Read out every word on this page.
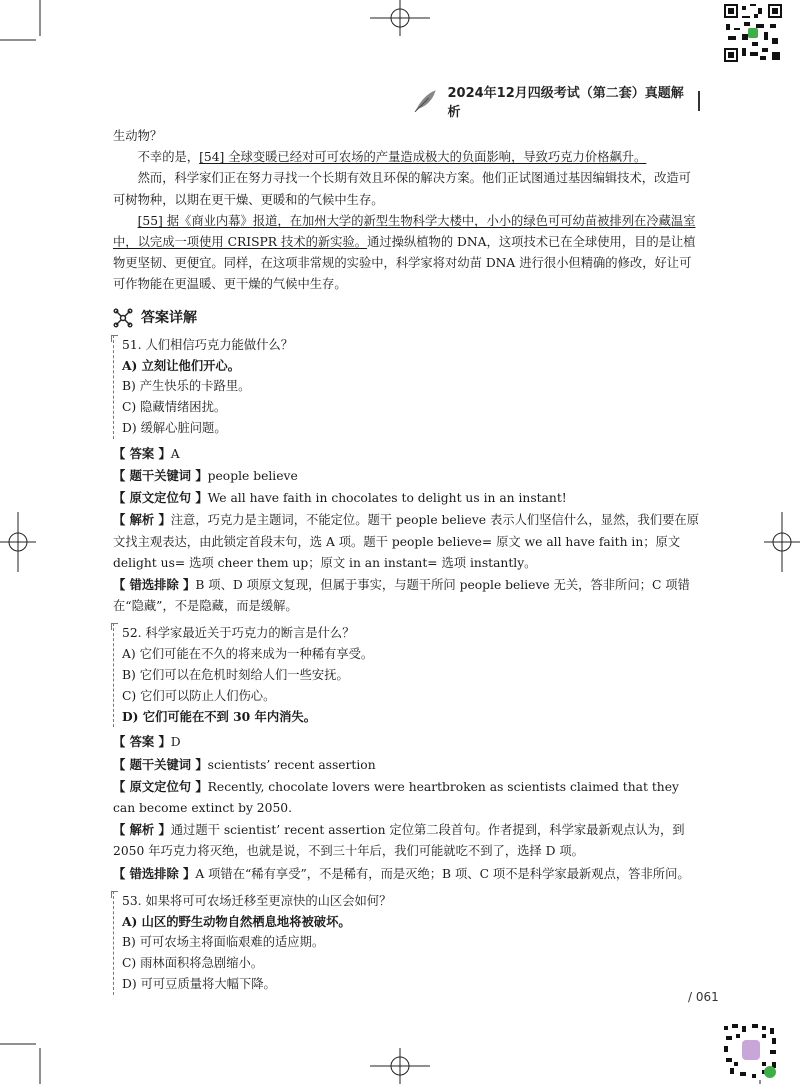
2024年12月四级考试（第二套）真题解析

生动物？

不幸的是，[54] 全球变暖已经对可可农场的产量造成极大的负面影响，导致巧克力价格飙升。

然而，科学家们正在努力寻找一个长期有效且环保的解决方案。他们正试图通过基因编辑技术，改造可可树物种，以期在更干燥、更暖和的气候中生存。

[55] 据《商业内幕》报道，在加州大学的新型生物科学大楼中，小小的绿色可可幼苗被排列在冷藏温室中，以完成一项使用 CRISPR 技术的新实验。通过操纵植物的 DNA，这项技术已在全球使用，目的是让植物更坚韧、更便宜。同样，在这项非常规的实验中，科学家将对幼苗 DNA 进行很小但精确的修改，好让可可作物能在更温暖、更干燥的气候中生存。

答案详解
51. 人们相信巧克力能做什么？
A) 立刻让他们开心。
B) 产生快乐的卡路里。
C) 隐藏情绪困扰。
D) 缓解心脏问题。

【 答案 】A

【 题干关键词 】people believe

【 原文定位句 】We all have faith in chocolates to delight us in an instant!

【 解析 】注意，巧克力是主题词，不能定位。题干 people believe 表示人们坚信什么，显然，我们要在原文找主观表达，由此锁定首段末句，选 A 项。题干 people believe= 原文 we all have faith in；原文 delight us= 选项 cheer them up；原文 in an instant= 选项 instantly。

【 错选排除 】B 项、D 项原文复现，但属于事实，与题干所问 people believe 无关，答非所问；C 项错在“隐藏”，不是隐藏，而是缓解。

52. 科学家最近关于巧克力的断言是什么？
A) 它们可能在不久的将来成为一种稀有享受。
B) 它们可以在危机时刻给人们一些安抚。
C) 它们可以防止人们伤心。
D) 它们可能在不到 30 年内消失。

【 答案 】D

【 题干关键词 】scientists’ recent assertion

【 原文定位句 】Recently, chocolate lovers were heartbroken as scientists claimed that they can become extinct by 2050.

【 解析 】通过题干 scientist’ recent assertion 定位第二段首句。作者提到，科学家最新观点认为，到 2050 年巧克力将灭绝，也就是说，不到三十年后，我们可能就吃不到了，选择 D 项。

【 错选排除 】A 项错在“稀有享受”，不是稀有，而是灭绝；B 项、C 项不是科学家最新观点，答非所问。

53. 如果将可可农场迁移至更凉快的山区会如何？
A) 山区的野生动物自然栖息地将被破坏。
B) 可可农场主将面临艰难的适应期。
C) 雨林面积将急剧缩小。
D) 可可豆质量将大幅下降。
/ 061
